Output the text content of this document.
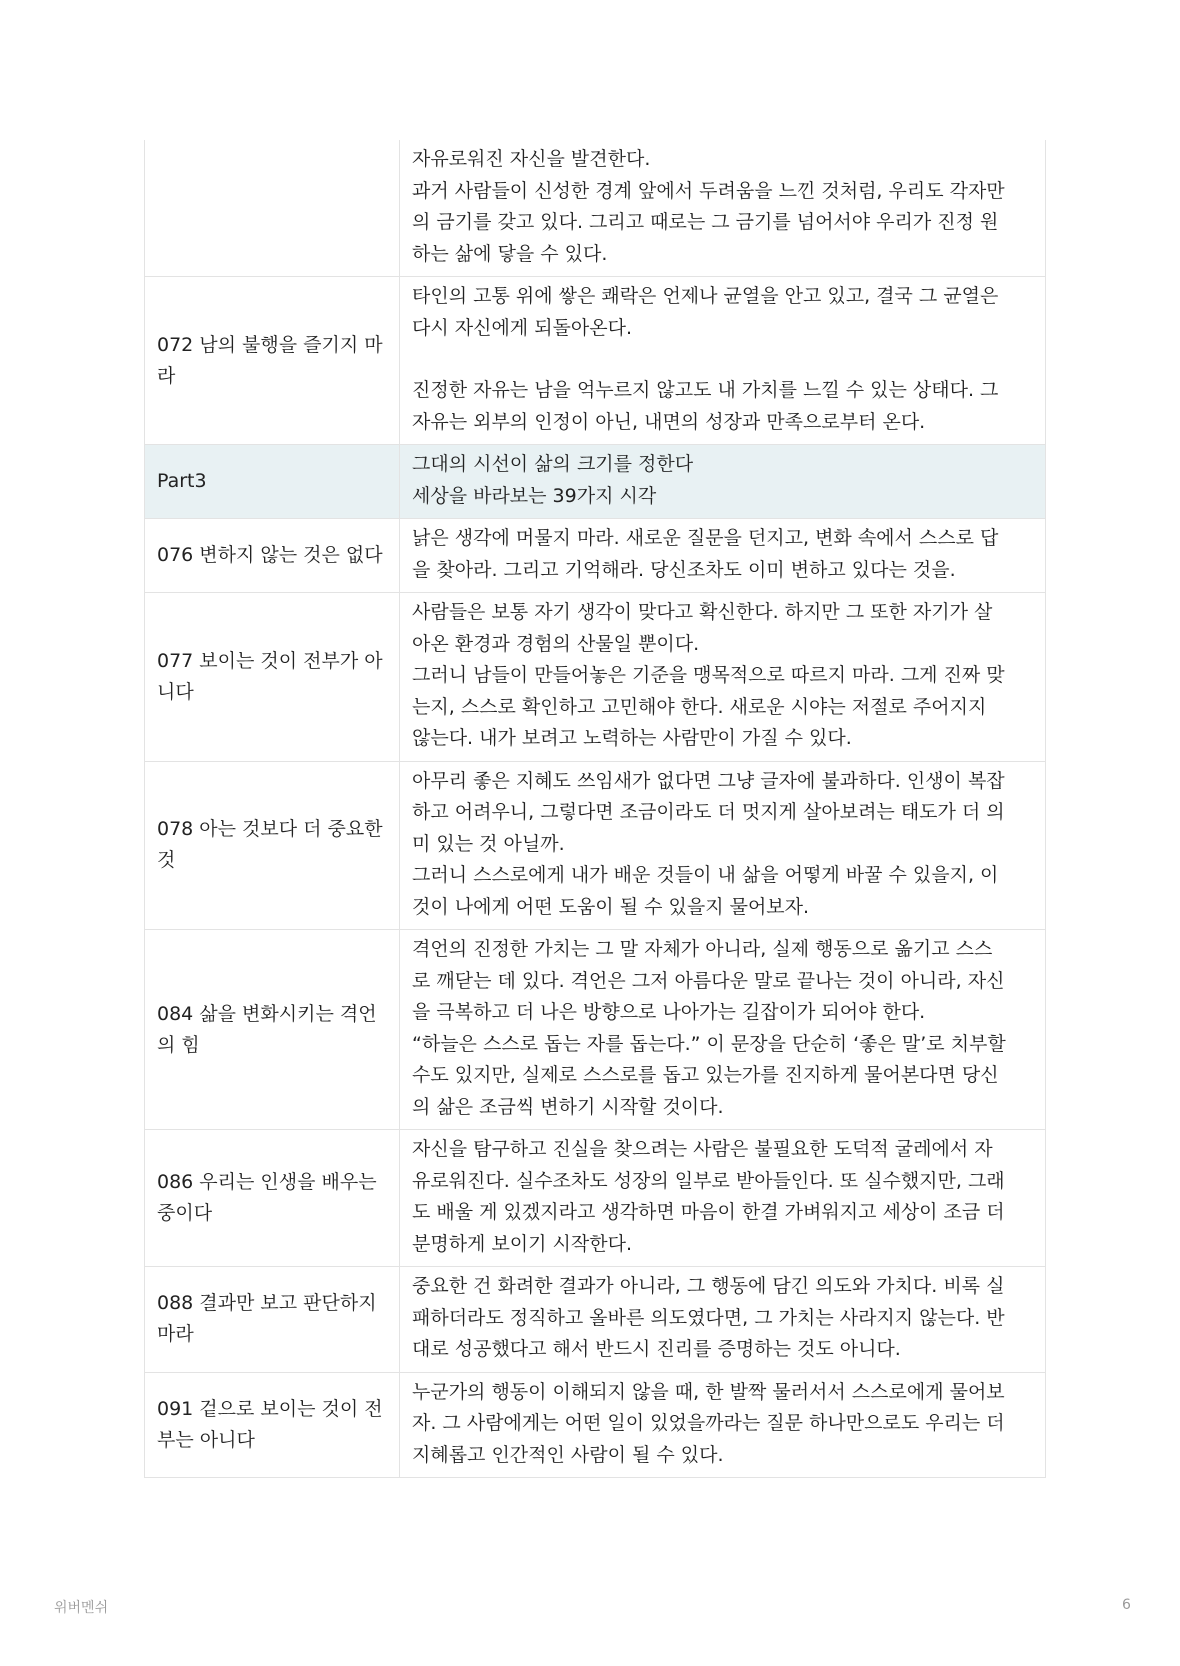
자유로워진 자신을 발견한다.

과거 사람들이 신성한 경계 앞에서 두려움을 느낀 것처럼, 우리도 각자만

의 금기를 갖고 있다. 그리고 때로는 그 금기를 넘어서야 우리가 진정 원

하는 삶에 닿을 수 있다.

072 남의 불행을 즐기지 마라

타인의 고통 위에 쌓은 쾌락은 언제나 균열을 안고 있고, 결국 그 균열은

다시 자신에게 되돌아온다.

진정한 자유는 남을 억누르지 않고도 내 가치를 느낄 수 있는 상태다. 그

자유는 외부의 인정이 아닌, 내면의 성장과 만족으로부터 온다.

Part3

그대의 시선이 삶의 크기를 정한다

세상을 바라보는 39가지 시각

076 변하지 않는 것은 없다

낡은 생각에 머물지 마라. 새로운 질문을 던지고, 변화 속에서 스스로 답

을 찾아라. 그리고 기억해라. 당신조차도 이미 변하고 있다는 것을.

077 보이는 것이 전부가 아니다

사람들은 보통 자기 생각이 맞다고 확신한다. 하지만 그 또한 자기가 살

아온 환경과 경험의 산물일 뿐이다.

그러니 남들이 만들어놓은 기준을 맹목적으로 따르지 마라. 그게 진짜 맞

는지, 스스로 확인하고 고민해야 한다. 새로운 시야는 저절로 주어지지

않는다. 내가 보려고 노력하는 사람만이 가질 수 있다.

078 아는 것보다 더 중요한 것

아무리 좋은 지혜도 쓰임새가 없다면 그냥 글자에 불과하다. 인생이 복잡

하고 어려우니, 그렇다면 조금이라도 더 멋지게 살아보려는 태도가 더 의

미 있는 것 아닐까.

그러니 스스로에게 내가 배운 것들이 내 삶을 어떻게 바꿀 수 있을지, 이

것이 나에게 어떤 도움이 될 수 있을지 물어보자.

084 삶을 변화시키는 격언의 힘

격언의 진정한 가치는 그 말 자체가 아니라, 실제 행동으로 옮기고 스스

로 깨닫는 데 있다. 격언은 그저 아름다운 말로 끝나는 것이 아니라, 자신

을 극복하고 더 나은 방향으로 나아가는 길잡이가 되어야 한다.

“하늘은 스스로 돕는 자를 돕는다.” 이 문장을 단순히 ‘좋은 말’로 치부할

수도 있지만, 실제로 스스로를 돕고 있는가를 진지하게 물어본다면 당신

의 삶은 조금씩 변하기 시작할 것이다.

086 우리는 인생을 배우는 중이다

자신을 탐구하고 진실을 찾으려는 사람은 불필요한 도덕적 굴레에서 자

유로워진다. 실수조차도 성장의 일부로 받아들인다. 또 실수했지만, 그래

도 배울 게 있겠지라고 생각하면 마음이 한결 가벼워지고 세상이 조금 더

분명하게 보이기 시작한다.

088 결과만 보고 판단하지 마라

중요한 건 화려한 결과가 아니라, 그 행동에 담긴 의도와 가치다. 비록 실

패하더라도 정직하고 올바른 의도였다면, 그 가치는 사라지지 않는다. 반

대로 성공했다고 해서 반드시 진리를 증명하는 것도 아니다.

091 겉으로 보이는 것이 전부는 아니다

누군가의 행동이 이해되지 않을 때, 한 발짝 물러서서 스스로에게 물어보

자. 그 사람에게는 어떤 일이 있었을까라는 질문 하나만으로도 우리는 더

지혜롭고 인간적인 사람이 될 수 있다.

위버멘쉬	6
